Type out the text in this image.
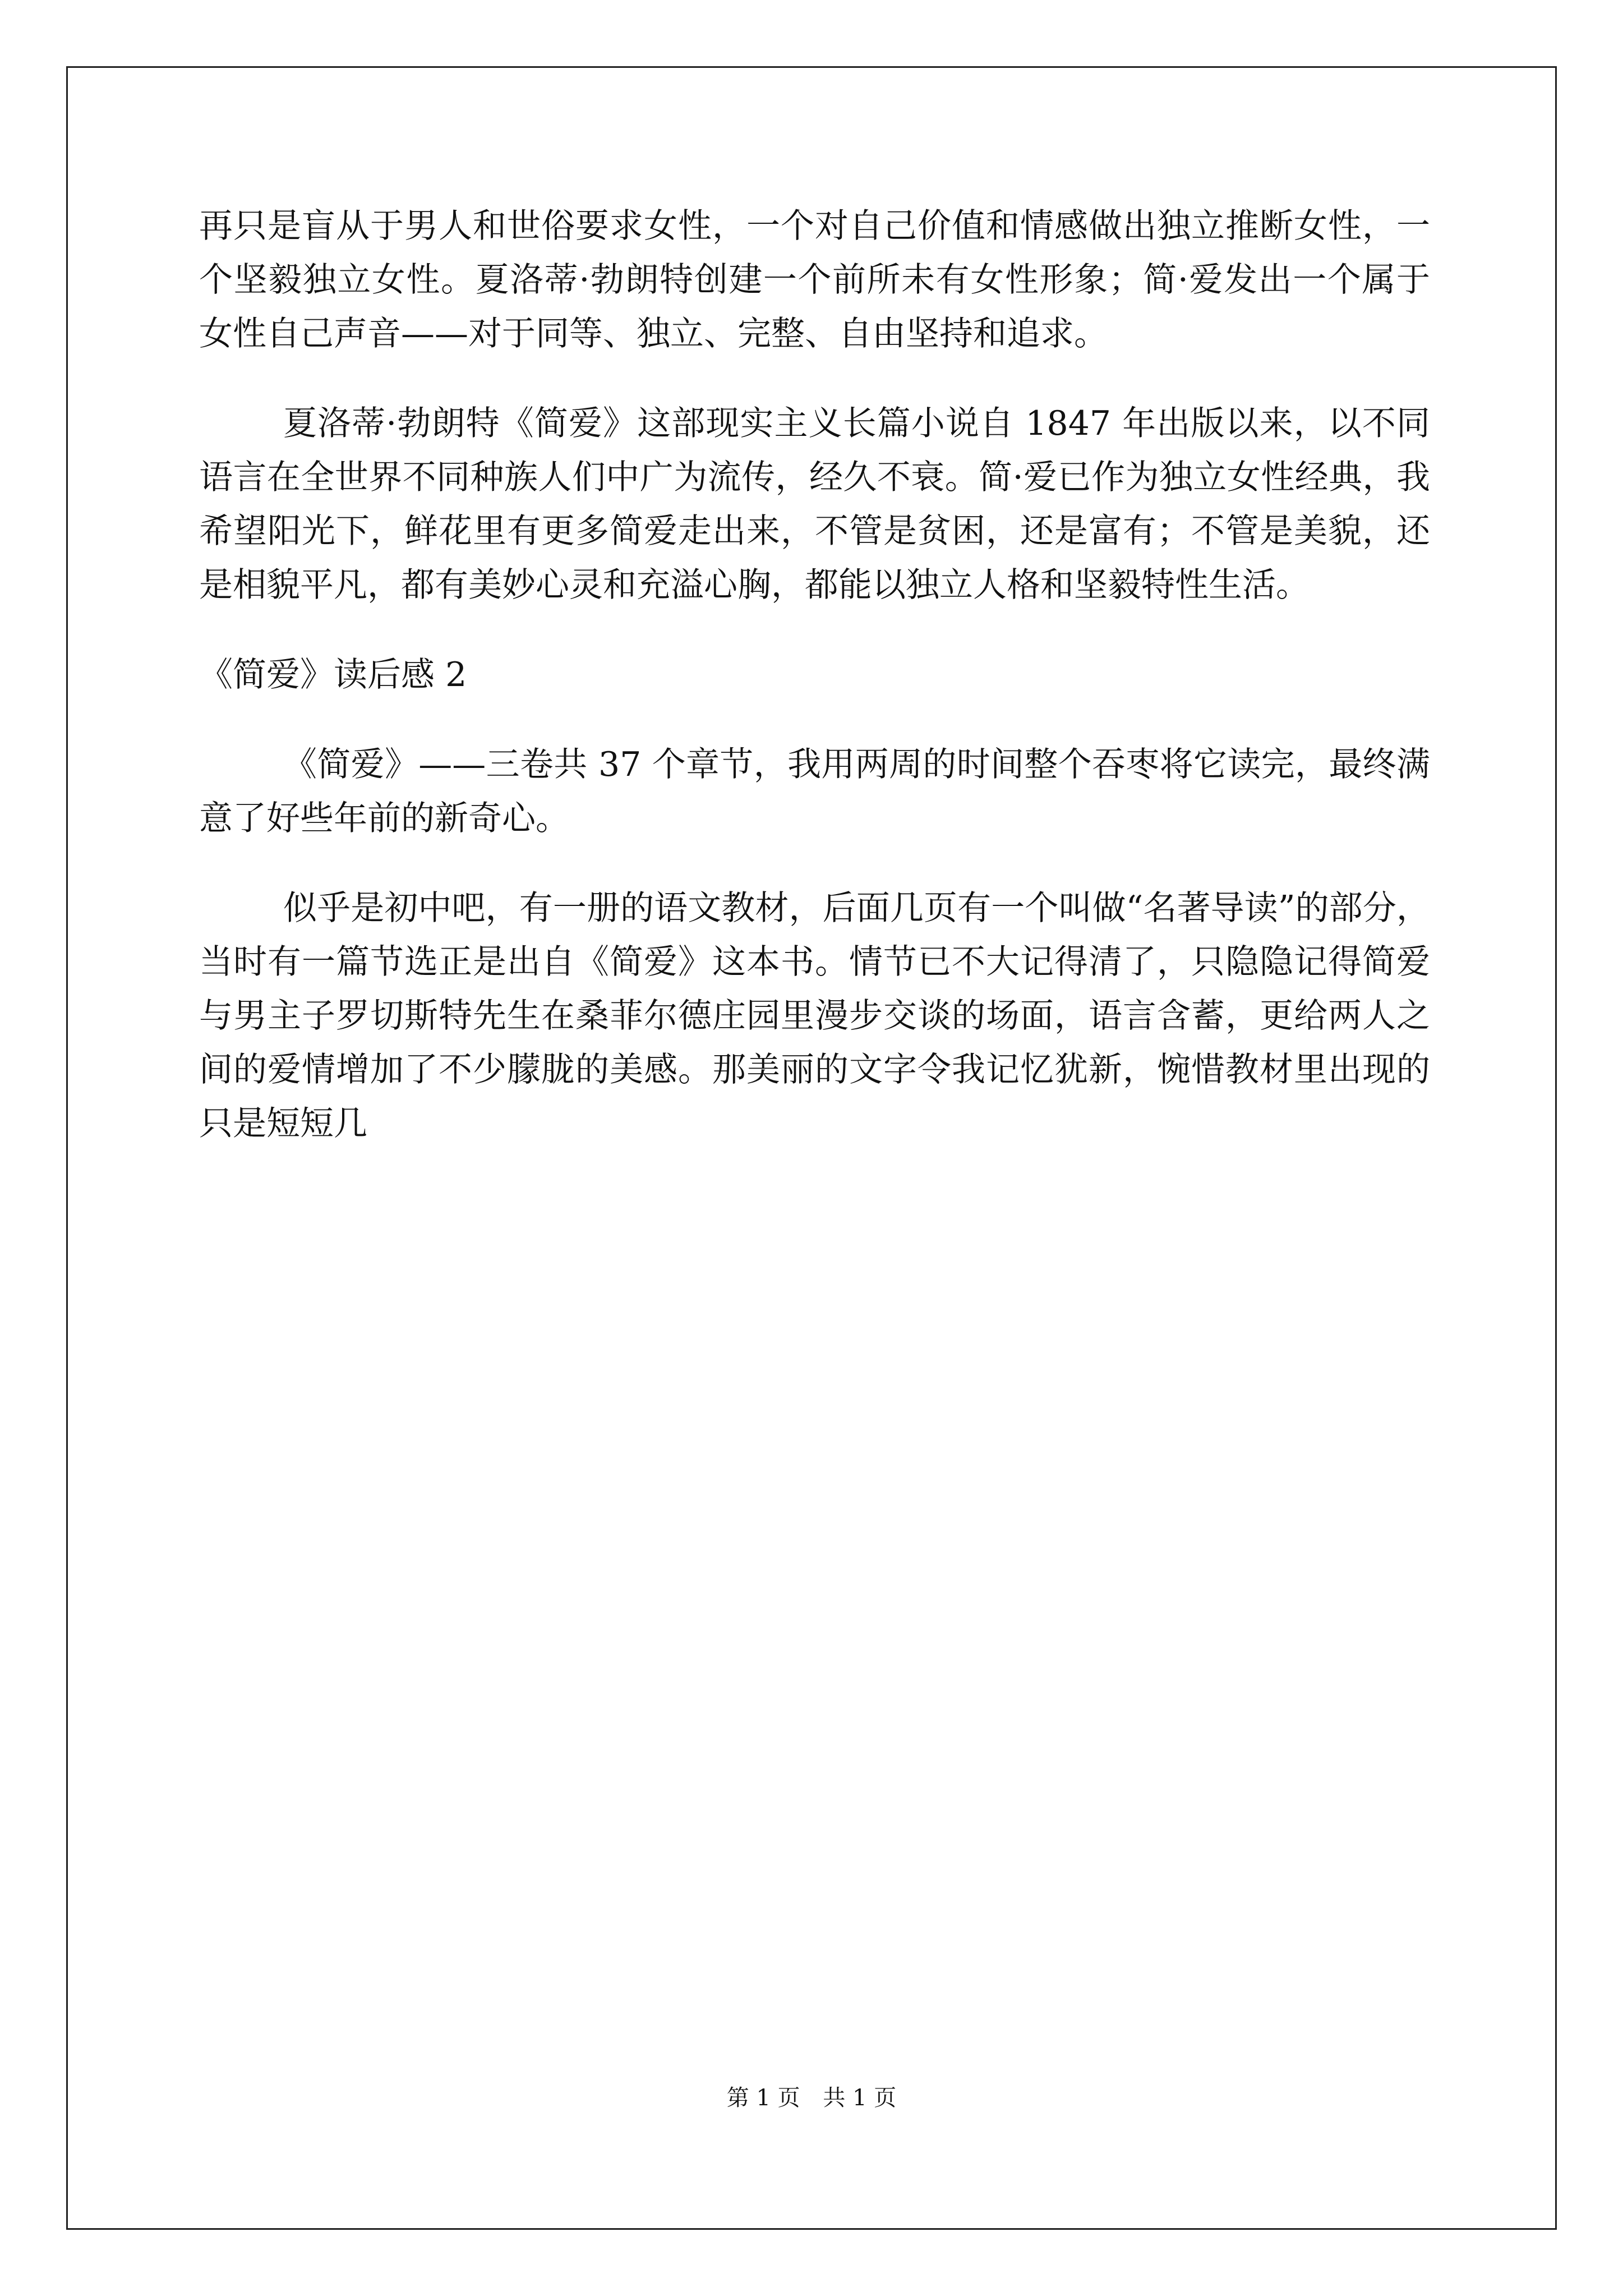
再只是盲从于男人和世俗要求女性，一个对自己价值和情感做出独立推断女性，一个坚毅独立女性。夏洛蒂·勃朗特创建一个前所未有女性形象；简·爱发出一个属于女性自己声音——对于同等、独立、完整、自由坚持和追求。

夏洛蒂·勃朗特《简爱》这部现实主义长篇小说自 1847 年出版以来，以不同语言在全世界不同种族人们中广为流传，经久不衰。简·爱已作为独立女性经典，我希望阳光下，鲜花里有更多简爱走出来，不管是贫困，还是富有；不管是美貌，还是相貌平凡，都有美妙心灵和充溢心胸，都能以独立人格和坚毅特性生活。

《简爱》读后感 2

《简爱》——三卷共 37 个章节，我用两周的时间整个吞枣将它读完，最终满意了好些年前的新奇心。

似乎是初中吧，有一册的语文教材，后面几页有一个叫做“名著导读”的部分，当时有一篇节选正是出自《简爱》这本书。情节已不大记得清了，只隐隐记得简爱与男主子罗切斯特先生在桑菲尔德庄园里漫步交谈的场面，语言含蓄，更给两人之间的爱情增加了不少朦胧的美感。那美丽的文字令我记忆犹新，惋惜教材里出现的只是短短几

第 1 页 共 1 页
